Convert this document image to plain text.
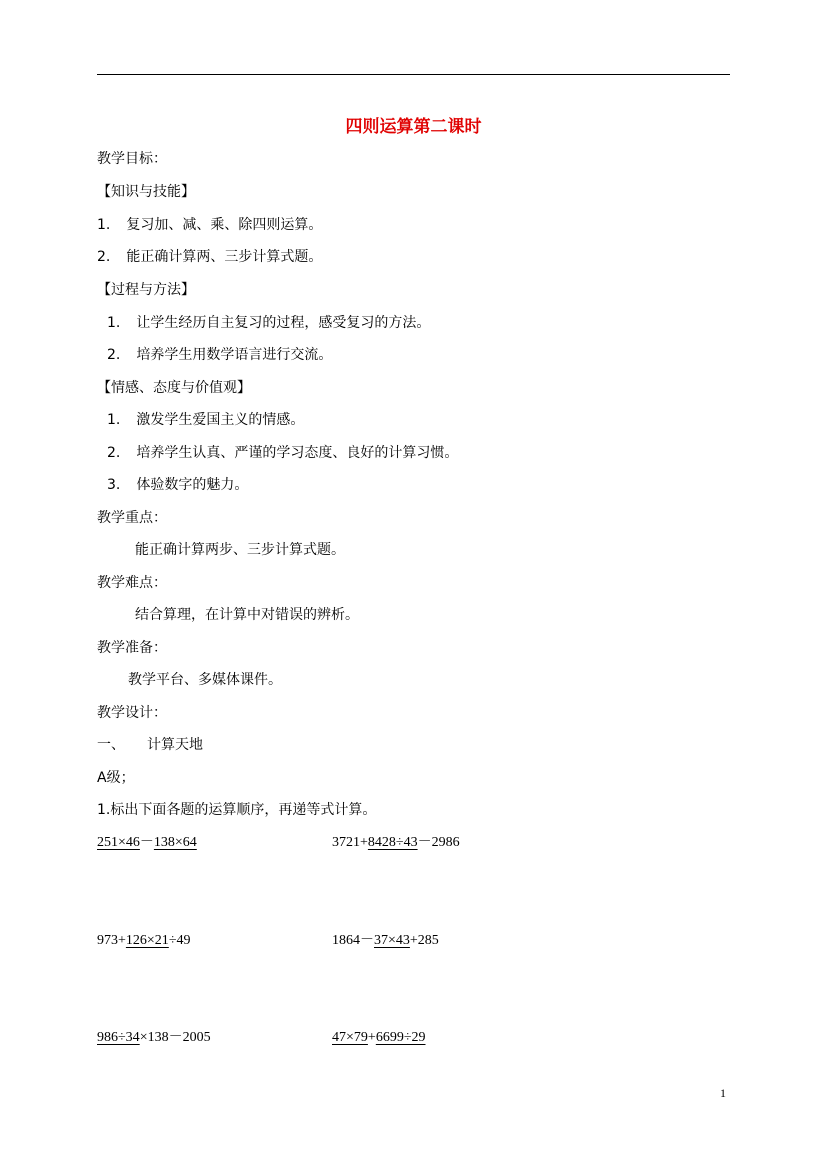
四则运算第二课时
教学目标：
【知识与技能】
1. 复习加、减、乘、除四则运算。
2. 能正确计算两、三步计算式题。
【过程与方法】
1. 让学生经历自主复习的过程，感受复习的方法。
2. 培养学生用数学语言进行交流。
【情感、态度与价值观】
1. 激发学生爱国主义的情感。
2. 培养学生认真、严谨的学习态度、良好的计算习惯。
3. 体验数字的魅力。
教学重点：
能正确计算两步、三步计算式题。
教学难点：
结合算理，在计算中对错误的辨析。
教学准备：
教学平台、多媒体课件。
教学设计：
一、 计算天地
A级；
1.标出下面各题的运算顺序，再递等式计算。
251×46－138×64	3721+8428÷43－2986
973+126×21÷49	1864－37×43+285
986÷34×138－2005	47×79+6699÷29
1
